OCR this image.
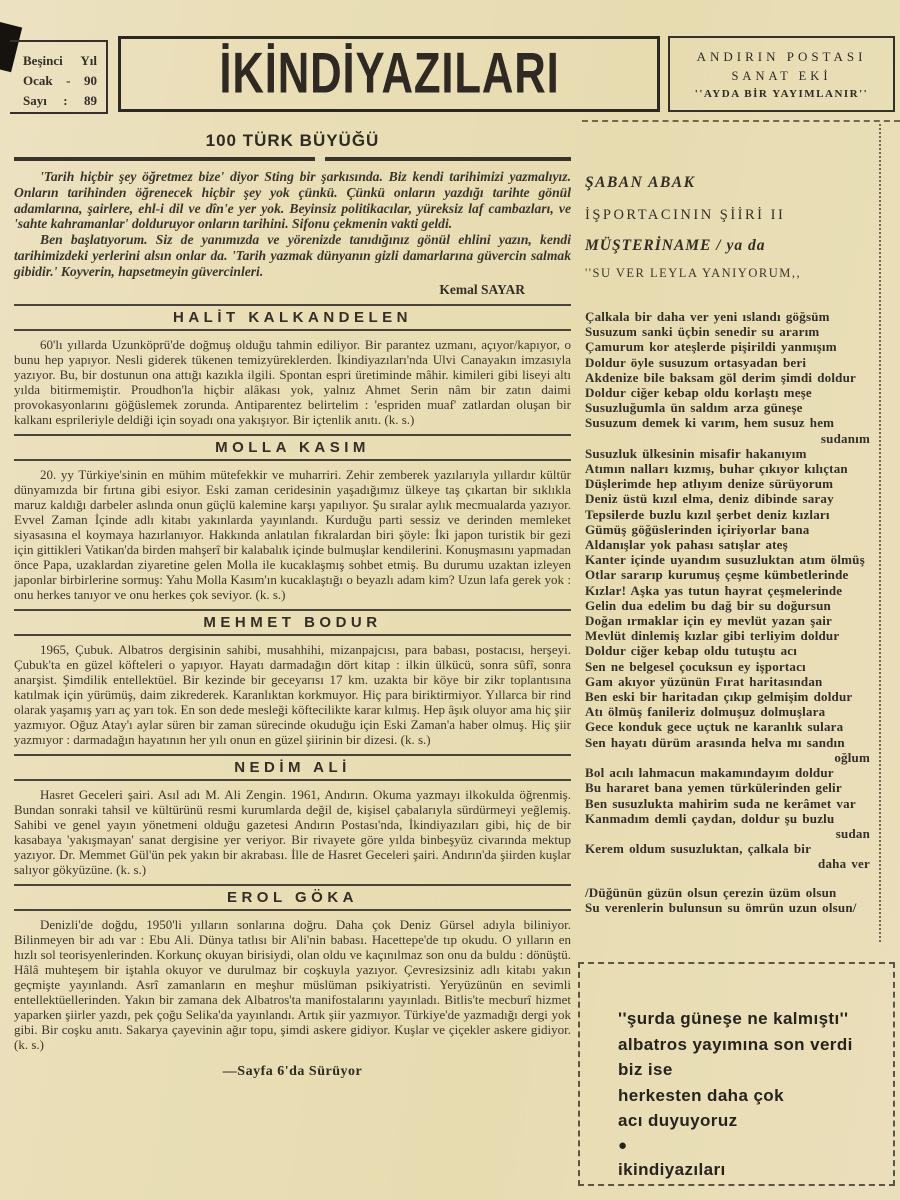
Beşinci Yıl
Ocak - 90
Sayı : 89 İKİNDİYAZILARI	ANDIRIN POSTASI
SANAT EKİ
''AYDA BİR YAYIMLANIR''
100 TÜRK BÜYÜĞÜ

'Tarih hiçbir şey öğretmez bize' diyor Sting bir şarkısında. Biz kendi tarihimizi yazmalıyız. Onların tarihinden öğrenecek hiçbir şey yok çünkü. Çünkü onların yazdığı tarihte gönül adamlarına, şairlere, ehl-i dil ve dîn'e yer yok. Beyinsiz politikacılar, yüreksiz laf cambazları, ve 'sahte kahramanlar' dolduruyor onların tarihini. Sifonu çekmenin vakti geldi.

Ben başlatıyorum. Siz de yanımızda ve yörenizde tanıdığınız gönül ehlini yazın, kendi tarihimizdeki yerlerini alsın onlar da. 'Tarih yazmak dünyanın gizli damarlarına güvercin salmak gibidir.' Koyverin, hapsetmeyin güvercinleri.

Kemal SAYAR
HALİT KALKANDELEN

60'lı yıllarda Uzunköprü'de doğmuş olduğu tahmin ediliyor. Bir parantez uzmanı, açıyor/kapıyor, o bunu hep yapıyor. Nesli giderek tükenen temizyüreklerden. İkindiyazıları'nda Ulvi Canayakın imzasıyla yazıyor. Bu, bir dostunun ona attığı kazıkla ilgili. Spontan espri üretiminde mâhir. kimileri gibi liseyi altı yılda bitirmemiştir. Proudhon'la hiçbir alâkası yok, yalnız Ahmet Serin nâm bir zatın daimi provokasyonlarını göğüslemek zorunda. Antiparentez belirtelim : 'espriden muaf' zatlardan oluşan bir kalkanı esprileriyle deldiği için soyadı ona yakışıyor. Bir içtenlik anıtı. (k. s.)

MOLLA KASIM

20. yy Türkiye'sinin en mühim mütefekkir ve muharriri. Zehir zemberek yazılarıyla yıllardır kültür dünyamızda bir fırtına gibi esiyor. Eski zaman ceridesinin yaşadığımız ülkeye taş çıkartan bir sıklıkla maruz kaldığı darbeler aslında onun güçlü kalemine karşı yapılıyor. Şu sıralar aylık mecmualarda yazıyor. Evvel Zaman İçinde adlı kitabı yakınlarda yayınlandı. Kurduğu parti sessiz ve derinden memleket siyasasına el koymaya hazırlanıyor. Hakkında anlatılan fıkralardan biri şöyle: İki japon turistik bir gezi için gittikleri Vatikan'da birden mahşerî bir kalabalık içinde bulmuşlar kendilerini. Konuşmasını yapmadan önce Papa, uzaklardan ziyaretine gelen Molla ile kucaklaşmış sohbet etmiş. Bu durumu uzaktan izleyen japonlar birbirlerine sormuş: Yahu Molla Kasım'ın kucaklaştığı o beyazlı adam kim? Uzun lafa gerek yok : onu herkes tanıyor ve onu herkes çok seviyor. (k. s.)

MEHMET BODUR

1965, Çubuk. Albatros dergisinin sahibi, musahhihi, mizanpajcısı, para babası, postacısı, herşeyi. Çubuk'ta en güzel köfteleri o yapıyor. Hayatı darmadağın dört kitap : ilkin ülkücü, sonra sûfî, sonra anarşist. Şimdilik entellektüel. Bir kezinde bir geceyarısı 17 km. uzakta bir köye bir zikr toplantısına katılmak için yürümüş, daim zikrederek. Karanlıktan korkmuyor. Hiç para biriktirmiyor. Yıllarca bir rind olarak yaşamış yarı aç yarı tok. En son dede mesleği köftecilikte karar kılmış. Hep âşık oluyor ama hiç şiir yazmıyor. Oğuz Atay'ı aylar süren bir zaman sürecinde okuduğu için Eski Zaman'a haber olmuş. Hiç şiir yazmıyor : darmadağın hayatının her yılı onun en güzel şiirinin bir dizesi. (k. s.)

NEDİM ALİ

Hasret Geceleri şairi. Asıl adı M. Ali Zengin. 1961, Andırın. Okuma yazmayı ilkokulda öğrenmiş. Bundan sonraki tahsil ve kültürünü resmi kurumlarda değil de, kişisel çabalarıyla sürdürmeyi yeğlemiş. Sahibi ve genel yayın yönetmeni olduğu gazetesi Andırın Postası'nda, İkindiyazıları gibi, hiç de bir kasabaya 'yakışmayan' sanat dergisine yer veriyor. Bir rivayete göre yılda binbeşyüz civarında mektup yazıyor. Dr. Memmet Gül'ün pek yakın bir akrabası. İlle de Hasret Geceleri şairi. Andırın'da şiirden kuşlar salıyor gökyüzüne. (k. s.)

EROL GÖKA

Denizli'de doğdu, 1950'li yılların sonlarına doğru. Daha çok Deniz Gürsel adıyla biliniyor. Bilinmeyen bir adı var : Ebu Ali. Dünya tatlısı bir Ali'nin babası. Hacettepe'de tıp okudu. O yılların en hızlı sol teorisyenlerinden. Korkunç okuyan birisiydi, olan oldu ve kaçınılmaz son onu da buldu : dönüştü. Hâlâ muhteşem bir iştahla okuyor ve durulmaz bir coşkuyla yazıyor. Çevresizsiniz adlı kitabı yakın geçmişte yayınlandı. Asrî zamanların en meşhur müslüman psikiyatristi. Yeryüzünün en sevimli entellektüellerinden. Yakın bir zamana dek Albatros'ta manifostalarını yayınladı. Bitlis'te mecburî hizmet yaparken şiirler yazdı, pek çoğu Selika'da yayınlandı. Artık şiir yazmıyor. Türkiye'de yazmadığı dergi yok gibi. Bir coşku anıtı. Sakarya çayevinin ağır topu, şimdi askere gidiyor. Kuşlar ve çiçekler askere gidiyor. (k. s.)

—Sayfa 6'da Sürüyor
ŞABAN ABAK
İŞPORTACININ ŞİİRİ II
MÜŞTERİNAME / ya da
''SU VER LEYLA YANIYORUM,,
Çalkala bir daha ver yeni ıslandı göğsüm
Susuzum sanki üçbin senedir su ararım
Çamurum kor ateşlerde pişirildi yanmışım
Doldur öyle susuzum ortasyadan beri
Akdenize bile baksam göl derim şimdi doldur
Doldur ciğer kebap oldu korlaştı meşe
Susuzluğumla ün saldım arza güneşe
Susuzum demek ki varım, hem susuz hem
sudanım
Susuzluk ülkesinin misafir hakanıyım
Atımın nalları kızmış, buhar çıkıyor kılıçtan
Düşlerimde hep atlıyım denize sürüyorum
Deniz üstü kızıl elma, deniz dibinde saray
Tepsilerde buzlu kızıl şerbet deniz kızları
Gümüş göğüslerinden içiriyorlar bana
Aldanışlar yok pahası satışlar ateş
Kanter içinde uyandım susuzluktan atım ölmüş
Otlar sararıp kurumuş çeşme kümbetlerinde
Kızlar! Aşka yas tutun hayrat çeşmelerinde
Gelin dua edelim bu dağ bir su doğursun
Doğan ırmaklar için ey mevlüt yazan şair
Mevlüt dinlemiş kızlar gibi terliyim doldur
Doldur ciğer kebap oldu tutuştu acı
Sen ne belgesel çocuksun ey işportacı
Gam akıyor yüzünün Fırat haritasından
Ben eski bir haritadan çıkıp gelmişim doldur
Atı ölmüş fanileriz dolmuşuz dolmuşlara
Gece konduk gece uçtuk ne karanlık sulara
Sen hayatı dürüm arasında helva mı sandın
oğlum
Bol acılı lahmacun makamındayım doldur
Bu hararet bana yemen türkülerinden gelir
Ben susuzlukta mahirim suda ne kerâmet var
Kanmadım demli çaydan, doldur şu buzlu
sudan
Kerem oldum susuzluktan, çalkala bir
daha ver
/Düğünün güzün olsun çerezin üzüm olsun
Su verenlerin bulunsun su ömrün uzun olsun/
''şurda güneşe ne kalmıştı''
albatros yayımına son verdi
biz ise
herkesten daha çok
acı duyuyoruz
●
ikindiyazıları
